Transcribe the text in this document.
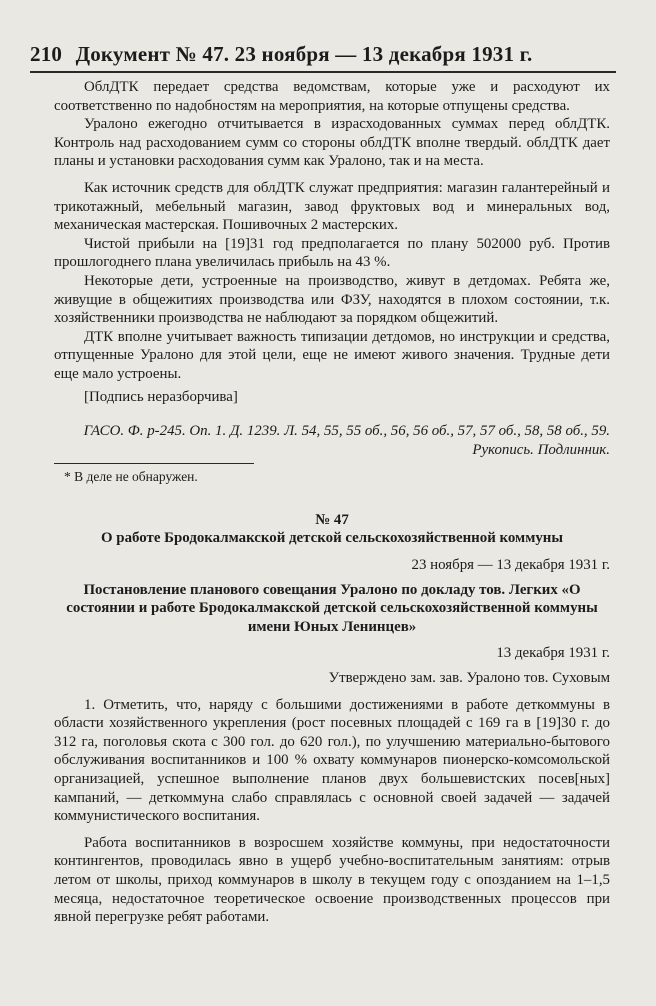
210 Документ № 47. 23 ноября — 13 декабря 1931 г.

ОблДТК передает средства ведомствам, которые уже и расходуют их соответственно по надобностям на мероприятия, на которые отпущены средства.

Уралоно ежегодно отчитывается в израсходованных суммах перед облДТК. Контроль над расходованием сумм со стороны облДТК вполне твердый. облДТК дает планы и установки расходования сумм как Уралоно, так и на места.

Как источник средств для облДТК служат предприятия: магазин галантерейный и трикотажный, мебельный магазин, завод фруктовых вод и минеральных вод, механическая мастерская. Пошивочных 2 мастерских.

Чистой прибыли на [19]31 год предполагается по плану 502000 руб. Против прошлогоднего плана увеличилась прибыль на 43 %.

Некоторые дети, устроенные на производство, живут в детдомах. Ребята же, живущие в общежитиях производства или ФЗУ, находятся в плохом состоянии, т.к. хозяйственники производства не наблюдают за порядком общежитий.

ДТК вполне учитывает важность типизации детдомов, но инструкции и средства, отпущенные Уралоно для этой цели, еще не имеют живого значения. Трудные дети еще мало устроены.

[Подпись неразборчива]

ГАСО. Ф. р-245. Оп. 1. Д. 1239. Л. 54, 55, 55 об., 56, 56 об., 57, 57 об., 58, 58 об., 59.

Рукопись. Подлинник.

* В деле не обнаружен.

№ 47

О работе Бродокалмакской детской сельскохозяйственной коммуны

23 ноября — 13 декабря 1931 г.

Постановление планового совещания Уралоно по докладу тов. Легких «О состоянии и работе Бродокалмакской детской сельскохозяйственной коммуны имени Юных Ленинцев»

13 декабря 1931 г.

Утверждено зам. зав. Уралоно тов. Суховым

1. Отметить, что, наряду с большими достижениями в работе деткоммуны в области хозяйственного укрепления (рост посевных площадей с 169 га в [19]30 г. до 312 га, поголовья скота с 300 гол. до 620 гол.), по улучшению материально-бытового обслуживания воспитанников и 100 % охвату коммунаров пионерско-комсомольской организацией, успешное выполнение планов двух большевистских посев[ных] кампаний, — деткоммуна слабо справлялась с основной своей задачей — задачей коммунистического воспитания.

Работа воспитанников в возросшем хозяйстве коммуны, при недостаточности контингентов, проводилась явно в ущерб учебно-воспитательным занятиям: отрыв летом от школы, приход коммунаров в школу в текущем году с опозданием на 1–1,5 месяца, недостаточное теоретическое освоение производственных процессов при явной перегрузке ребят работами.
